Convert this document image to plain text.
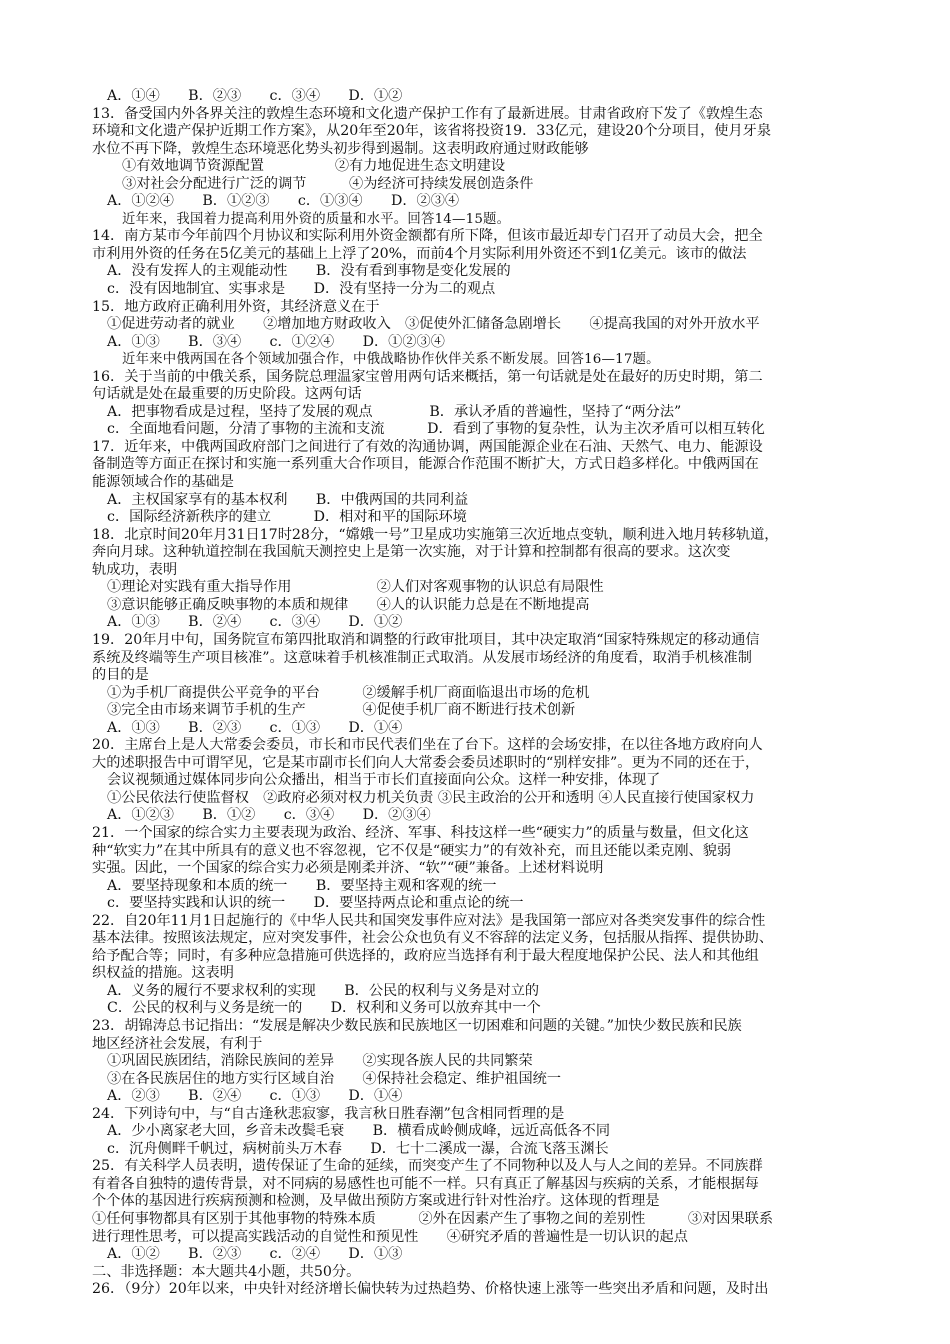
A．①④　　B．②③　　c．③④　　D．①②
13．备受国内外各界关注的敦煌生态环境和文化遗产保护工作有了最新进展。甘肃省政府下发了《敦煌生态
环境和文化遗产保护近期工作方案》，从20年至20年，该省将投资19．33亿元，建设20个分项目，使月牙泉
水位不再下降，敦煌生态环境恶化势头初步得到遏制。这表明政府通过财政能够
①有效地调节资源配置　　　　　②有力地促进生态文明建设
③对社会分配进行广泛的调节　　　④为经济可持续发展创造条件
A．①②④　　B．①②③　　c．①③④　　D．②③④
近年来，我国着力提高利用外资的质量和水平。回答14—15题。
14．南方某市今年前四个月协议和实际利用外资金额都有所下降，但该市最近却专门召开了动员大会，把全
市利用外资的任务在5亿美元的基础上上浮了20%，而前4个月实际利用外资还不到1亿美元。该市的做法
A．没有发挥人的主观能动性　　B．没有看到事物是变化发展的
c．没有因地制宜、实事求是　　D．没有坚持一分为二的观点
15．地方政府正确利用外资，其经济意义在于
①促进劳动者的就业　　②增加地方财政收入　③促使外汇储备急剧增长　　④提高我国的对外开放水平
A．①③　　B．③④　　c．①②④　　D．①②③④
近年来中俄两国在各个领域加强合作，中俄战略协作伙伴关系不断发展。回答16—17题。
16．关于当前的中俄关系，国务院总理温家宝曾用两句话来概括，第一句话就是处在最好的历史时期，第二
句话就是处在最重要的历史阶段。这两句话
A．把事物看成是过程，坚持了发展的观点　　　　B．承认矛盾的普遍性，坚持了“两分法”
c．全面地看问题，分清了事物的主流和支流　　　D．看到了事物的复杂性，认为主次矛盾可以相互转化
17．近年来，中俄两国政府部门之间进行了有效的沟通协调，两国能源企业在石油、天然气、电力、能源设
备制造等方面正在探讨和实施一系列重大合作项目，能源合作范围不断扩大，方式日趋多样化。中俄两国在
能源领域合作的基础是
A．主权国家享有的基本权利　　B．中俄两国的共同利益
c．国际经济新秩序的建立　　　D．相对和平的国际环境
18．北京时间20年月31日17时28分，“嫦娥一号”卫星成功实施第三次近地点变轨，顺利进入地月转移轨道，
奔向月球。这种轨道控制在我国航天测控史上是第一次实施，对于计算和控制都有很高的要求。这次变
轨成功，表明
①理论对实践有重大指导作用　　　　　　②人们对客观事物的认识总有局限性
③意识能够正确反映事物的本质和规律　　④人的认识能力总是在不断地提高
A．①③　　B．②④　　c．③④　　D．①②
19．20年月中旬，国务院宣布第四批取消和调整的行政审批项目，其中决定取消“国家特殊规定的移动通信
系统及终端等生产项目核准”。这意味着手机核准制正式取消。从发展市场经济的角度看，取消手机核准制
的目的是
①为手机厂商提供公平竞争的平台　　　②缓解手机厂商面临退出市场的危机
③完全由市场来调节手机的生产　　　　④促使手机厂商不断进行技术创新
A．①③　　B．②③　　c．①③　　D．①④
20．主席台上是人大常委会委员，市长和市民代表们坐在了台下。这样的会场安排，在以往各地方政府向人
大的述职报告中可谓罕见，它是某市副市长们向人大常委会委员述职时的“别样安排”。更为不同的还在于，
会议视频通过媒体同步向公众播出，相当于市长们直接面向公众。这样一种安排，体现了
①公民依法行使监督权　②政府必须对权力机关负责 ③民主政治的公开和透明 ④人民直接行使国家权力
A．①②③　　B．①②　　c．③④　　D．②③④
21．一个国家的综合实力主要表现为政治、经济、军事、科技这样一些“硬实力”的质量与数量，但文化这
种“软实力”在其中所具有的意义也不容忽视，它不仅是“硬实力”的有效补充，而且还能以柔克刚、貌弱
实强。因此，一个国家的综合实力必须是刚柔并济、“软”“硬”兼备。上述材料说明
A．要坚持现象和本质的统一　　B．要坚持主观和客观的统一
c．要坚持实践和认识的统一　　D．要坚持两点论和重点论的统一
22．自20年11月1日起施行的《中华人民共和国突发事件应对法》是我国第一部应对各类突发事件的综合性
基本法律。按照该法规定，应对突发事件，社会公众也负有义不容辞的法定义务，包括服从指挥、提供协助、
给予配合等；同时，有多种应急措施可供选择的，政府应当选择有利于最大程度地保护公民、法人和其他组
织权益的措施。这表明
A．义务的履行不要求权利的实现　　B．公民的权利与义务是对立的
C．公民的权利与义务是统一的　　D．权利和义务可以放弃其中一个
23．胡锦涛总书记指出：“发展是解决少数民族和民族地区一切困难和问题的关键。”加快少数民族和民族
地区经济社会发展，有利于
①巩固民族团结，消除民族间的差异　　②实现各族人民的共同繁荣
③在各民族居住的地方实行区域自治　　④保持社会稳定、维护祖国统一
A．②③　　B．②④　　c．①③　　D．①④
24．下列诗句中，与“自古逢秋悲寂寥，我言秋日胜春潮”包含相同哲理的是
A．少小离家老大回，乡音未改鬓毛衰　　B．横看成岭侧成峰，远近高低各不同
c．沉舟侧畔千帆过，病树前头万木春　　D．七十二溪成一瀑，合流飞落玉渊长
25．有关科学人员表明，遗传保证了生命的延续，而突变产生了不同物种以及人与人之间的差异。不同族群
有着各自独特的遗传背景，对不同病的易感性也可能不一样。只有真正了解基因与疾病的关系，才能根据每
个个体的基因进行疾病预测和检测，及早做出预防方案或进行针对性治疗。这体现的哲理是
①任何事物都具有区别于其他事物的特殊本质　　　②外在因素产生了事物之间的差别性　　　③对因果联系
进行理性思考，可以提高实践活动的自觉性和预见性　　④研究矛盾的普遍性是一切认识的起点
A．①②　　B．②③　　c．②④　　D．①③
二、非选择题：本大题共4小题，共50分。
26．（9分）20年以来，中央针对经济增长偏快转为过热趋势、价格快速上涨等一些突出矛盾和问题，及时出
